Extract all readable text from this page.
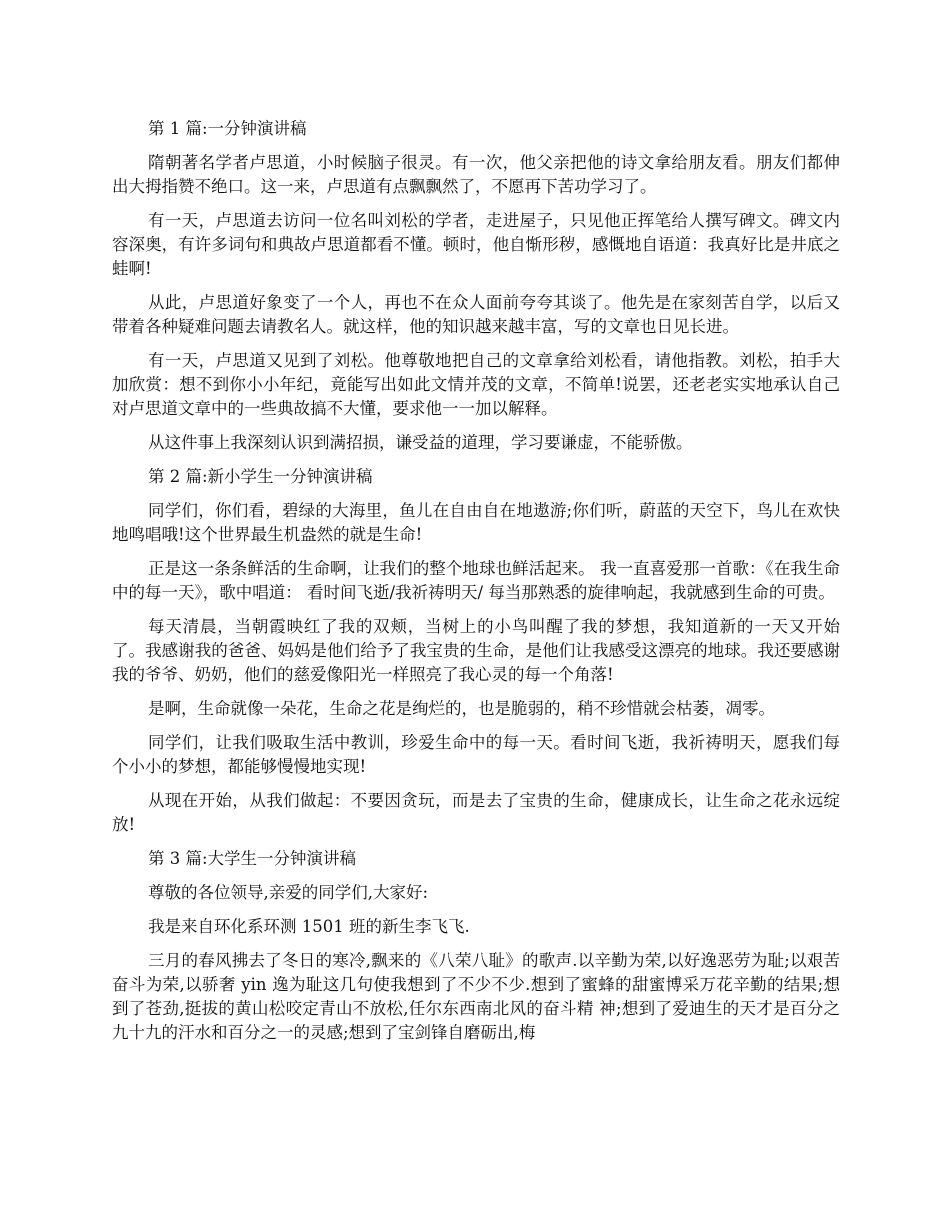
第 1 篇:一分钟演讲稿

隋朝著名学者卢思道，小时候脑子很灵。有一次，他父亲把他的诗文拿给朋友看。朋友们都伸出大拇指赞不绝口。这一来，卢思道有点飘飘然了，不愿再下苦功学习了。

有一天，卢思道去访问一位名叫刘松的学者，走进屋子，只见他正挥笔给人撰写碑文。碑文内容深奥，有许多词句和典故卢思道都看不懂。顿时，他自惭形秽，感慨地自语道：我真好比是井底之蛙啊!

从此，卢思道好象变了一个人，再也不在众人面前夸夸其谈了。他先是在家刻苦自学，以后又带着各种疑难问题去请教名人。就这样，他的知识越来越丰富，写的文章也日见长进。

有一天，卢思道又见到了刘松。他尊敬地把自己的文章拿给刘松看，请他指教。刘松，拍手大加欣赏：想不到你小小年纪，竟能写出如此文情并茂的文章，不简单!说罢，还老老实实地承认自己对卢思道文章中的一些典故搞不大懂，要求他一一加以解释。

从这件事上我深刻认识到满招损，谦受益的道理，学习要谦虚，不能骄傲。

第 2 篇:新小学生一分钟演讲稿

同学们，你们看，碧绿的大海里，鱼儿在自由自在地遨游;你们听，蔚蓝的天空下，鸟儿在欢快地鸣唱哦!这个世界最生机盎然的就是生命!

正是这一条条鲜活的生命啊，让我们的整个地球也鲜活起来。 我一直喜爱那一首歌：《在我生命中的每一天》，歌中唱道： 看时间飞逝/我祈祷明天/ 每当那熟悉的旋律响起，我就感到生命的可贵。

每天清晨，当朝霞映红了我的双颊，当树上的小鸟叫醒了我的梦想，我知道新的一天又开始了。我感谢我的爸爸、妈妈是他们给予了我宝贵的生命，是他们让我感受这漂亮的地球。我还要感谢我的爷爷、奶奶，他们的慈爱像阳光一样照亮了我心灵的每一个角落!

是啊，生命就像一朵花，生命之花是绚烂的，也是脆弱的，稍不珍惜就会枯萎，凋零。

同学们，让我们吸取生活中教训，珍爱生命中的每一天。看时间飞逝，我祈祷明天，愿我们每个小小的梦想，都能够慢慢地实现!

从现在开始，从我们做起：不要因贪玩，而是去了宝贵的生命，健康成长，让生命之花永远绽放!

第 3 篇:大学生一分钟演讲稿

尊敬的各位领导,亲爱的同学们,大家好:

我是来自环化系环测 1501 班的新生李飞飞.

三月的春风拂去了冬日的寒冷,飘来的《八荣八耻》的歌声.以辛勤为荣,以好逸恶劳为耻;以艰苦奋斗为荣,以骄奢 yin 逸为耻这几句使我想到了不少不少.想到了蜜蜂的甜蜜博采万花辛勤的结果;想到了苍劲,挺拔的黄山松咬定青山不放松,任尔东西南北风的奋斗精 神;想到了爱迪生的天才是百分之九十九的汗水和百分之一的灵感;想到了宝剑锋自磨砺出,梅
